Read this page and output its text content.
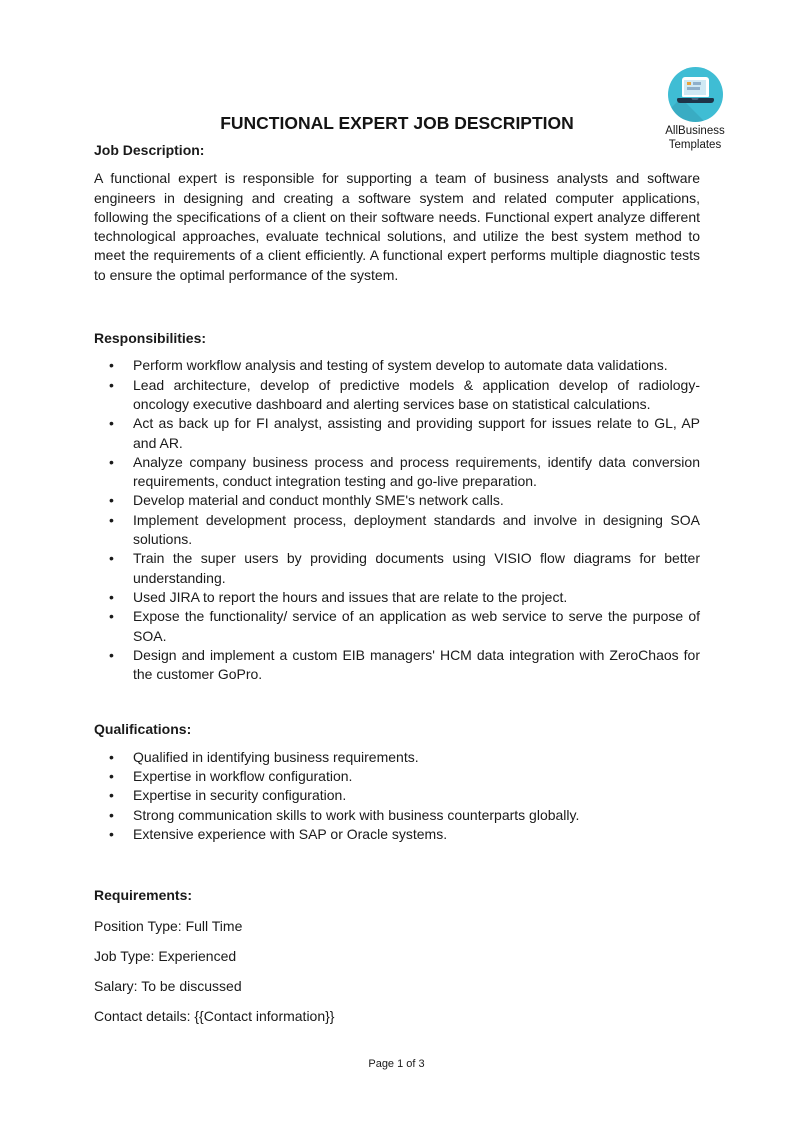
AllBusiness
Templates
FUNCTIONAL EXPERT JOB DESCRIPTION
Job Description:

A functional expert is responsible for supporting a team of business analysts and software engineers in designing and creating a software system and related computer applications, following the specifications of a client on their software needs. Functional expert analyze different technological approaches, evaluate technical solutions, and utilize the best system method to meet the requirements of a client efficiently. A functional expert performs multiple diagnostic tests to ensure the optimal performance of the system.

Responsibilities:
• Perform workflow analysis and testing of system develop to automate data validations.
• Lead architecture, develop of predictive models & application develop of radiology-oncology executive dashboard and alerting services base on statistical calculations.
• Act as back up for FI analyst, assisting and providing support for issues relate to GL, AP and AR.
• Analyze company business process and process requirements, identify data conversion requirements, conduct integration testing and go-live preparation.
• Develop material and conduct monthly SME's network calls.
• Implement development process, deployment standards and involve in designing SOA solutions.
• Train the super users by providing documents using VISIO flow diagrams for better understanding.
• Used JIRA to report the hours and issues that are relate to the project.
• Expose the functionality/ service of an application as web service to serve the purpose of SOA.
• Design and implement a custom EIB managers' HCM data integration with ZeroChaos for the customer GoPro.
Qualifications:
• Qualified in identifying business requirements.
• Expertise in workflow configuration.
• Expertise in security configuration.
• Strong communication skills to work with business counterparts globally.
• Extensive experience with SAP or Oracle systems.
Requirements:

Position Type: Full Time

Job Type: Experienced

Salary: To be discussed

Contact details: {{Contact information}}

Page 1 of 3
